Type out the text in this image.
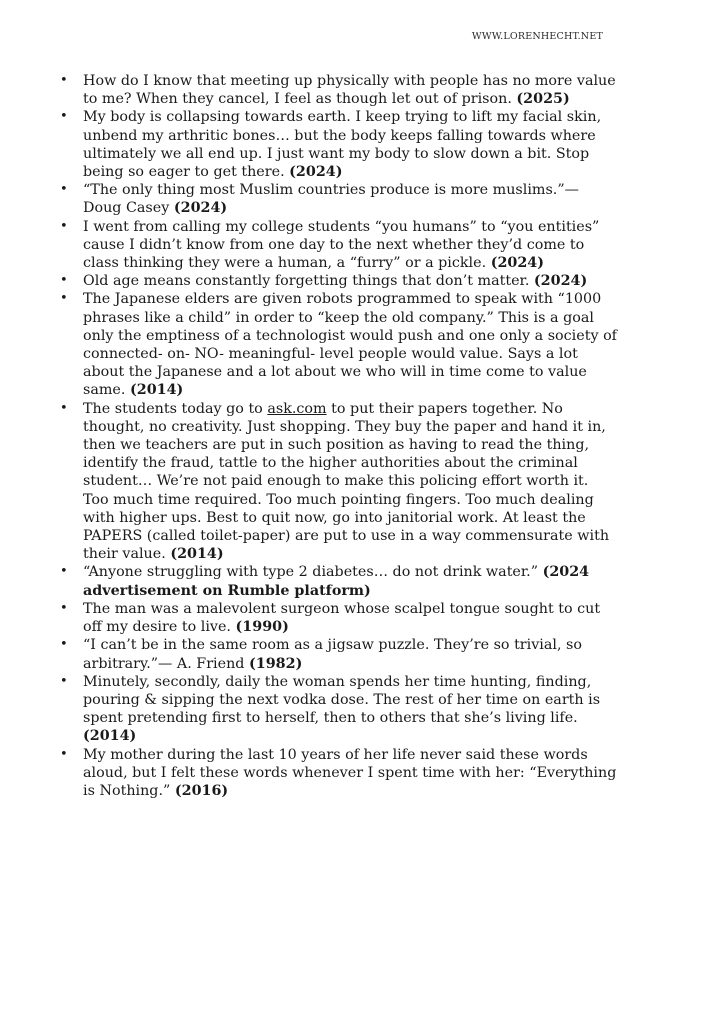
WWW.LORENHECHT.NET
• How do I know that meeting up physically with people has no more value to me? When they cancel, I feel as though let out of prison. (2025)
• My body is collapsing towards earth. I keep trying to lift my facial skin, unbend my arthritic bones… but the body keeps falling towards where ultimately we all end up. I just want my body to slow down a bit. Stop being so eager to get there. (2024)
• “The only thing most Muslim countries produce is more muslims.”— Doug Casey (2024)
• I went from calling my college students “you humans” to “you entities” cause I didn’t know from one day to the next whether they’d come to class thinking they were a human, a “furry” or a pickle. (2024)
• Old age means constantly forgetting things that don’t matter. (2024)
• The Japanese elders are given robots programmed to speak with “1000 phrases like a child” in order to “keep the old company.” This is a goal only the emptiness of a technologist would push and one only a society of connected- on- NO- meaningful- level people would value. Says a lot about the Japanese and a lot about we who will in time come to value same. (2014)
• The students today go to ask.com to put their papers together. No thought, no creativity. Just shopping. They buy the paper and hand it in, then we teachers are put in such position as having to read the thing, identify the fraud, tattle to the higher authorities about the criminal student… We’re not paid enough to make this policing effort worth it. Too much time required. Too much pointing fingers. Too much dealing with higher ups. Best to quit now, go into janitorial work. At least the PAPERS (called toilet-paper) are put to use in a way commensurate with their value. (2014)
• “Anyone struggling with type 2 diabetes… do not drink water.” (2024 advertisement on Rumble platform)
• The man was a malevolent surgeon whose scalpel tongue sought to cut off my desire to live. (1990)
• “I can’t be in the same room as a jigsaw puzzle. They’re so trivial, so arbitrary.”— A. Friend (1982)
• Minutely, secondly, daily the woman spends her time hunting, finding, pouring & sipping the next vodka dose. The rest of her time on earth is spent pretending first to herself, then to others that she’s living life. (2014)
• My mother during the last 10 years of her life never said these words aloud, but I felt these words whenever I spent time with her: “Everything is Nothing.” (2016)
